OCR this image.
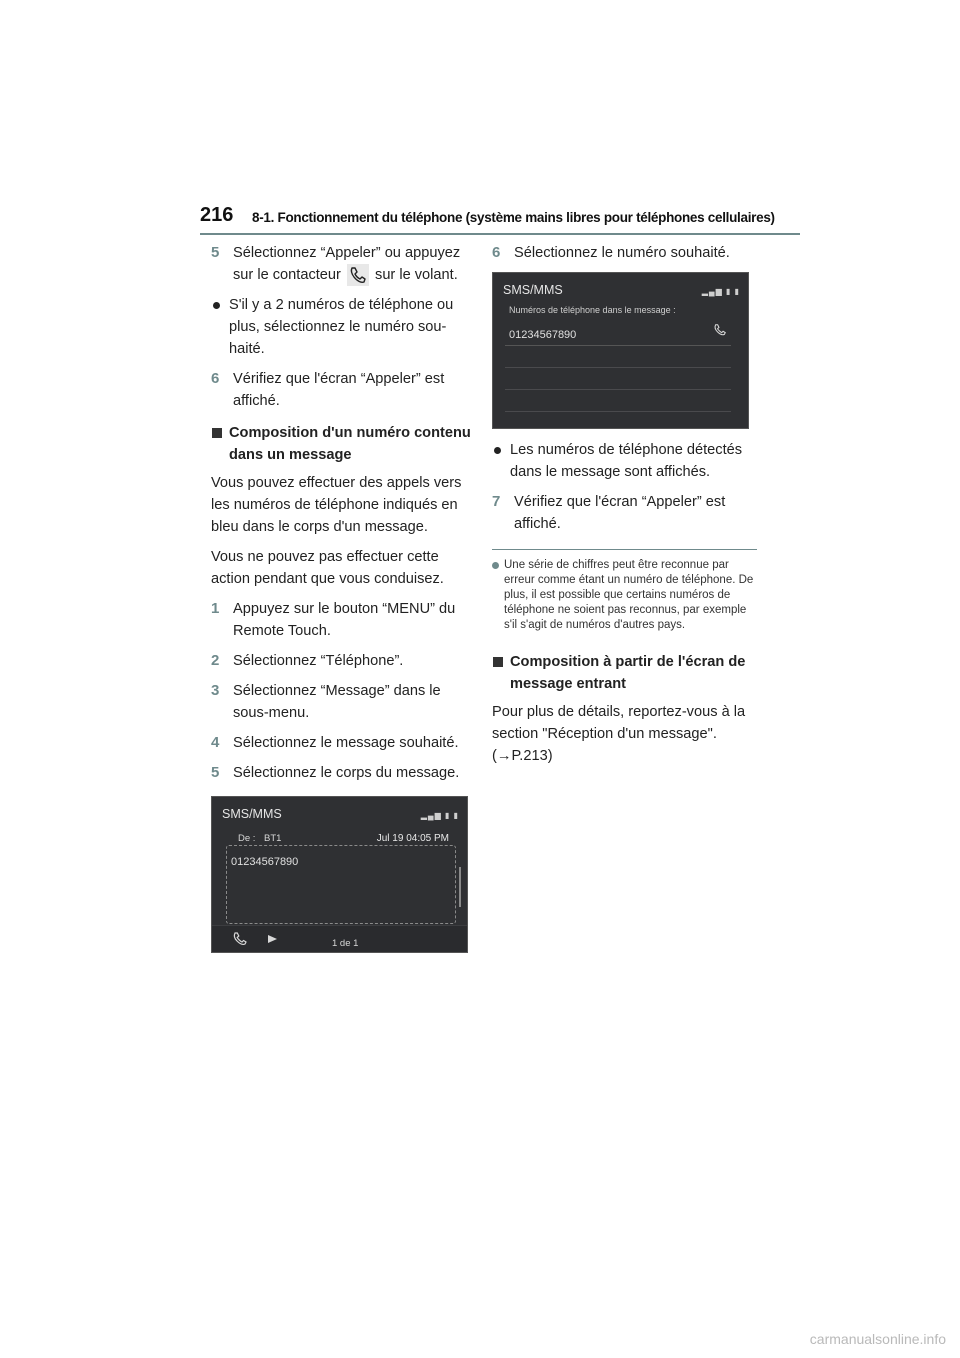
216 8-1. Fonctionnement du téléphone (système mains libres pour téléphones cellulaires)
5 Sélectionnez “Appeler” ou appuyez sur le contacteur sur le volant.
S'il y a 2 numéros de téléphone ou plus, sélectionnez le numéro sou-haité.
6 Vérifiez que l'écran “Appeler” est affiché.
Composition d'un numéro contenu dans un message
Vous pouvez effectuer des appels vers les numéros de téléphone indiqués en bleu dans le corps d'un message.
Vous ne pouvez pas effectuer cette action pendant que vous conduisez.
1 Appuyez sur le bouton “MENU” du Remote Touch.
2 Sélectionnez “Téléphone”.
3 Sélectionnez “Message” dans le sous-menu.
4 Sélectionnez le message souhaité.
5 Sélectionnez le corps du message.
SMS/MMS	▂▄▆ ▮ ▮
De : BT1	Jul 19 04:05 PM
01234567890
1 de 1
6 Sélectionnez le numéro souhaité.
SMS/MMS	▂▄▆ ▮ ▮
Numéros de téléphone dans le message :
01234567890
Les numéros de téléphone détectés dans le message sont affichés.
7 Vérifiez que l'écran “Appeler” est affiché.
Une série de chiffres peut être reconnue par erreur comme étant un numéro de téléphone. De plus, il est possible que certains numéros de téléphone ne soient pas reconnus, par exemple s'il s'agit de numéros d'autres pays.
Composition à partir de l'écran de message entrant
Pour plus de détails, reportez-vous à la section "Réception d'un message". (→P.213)
carmanualsonline.info
